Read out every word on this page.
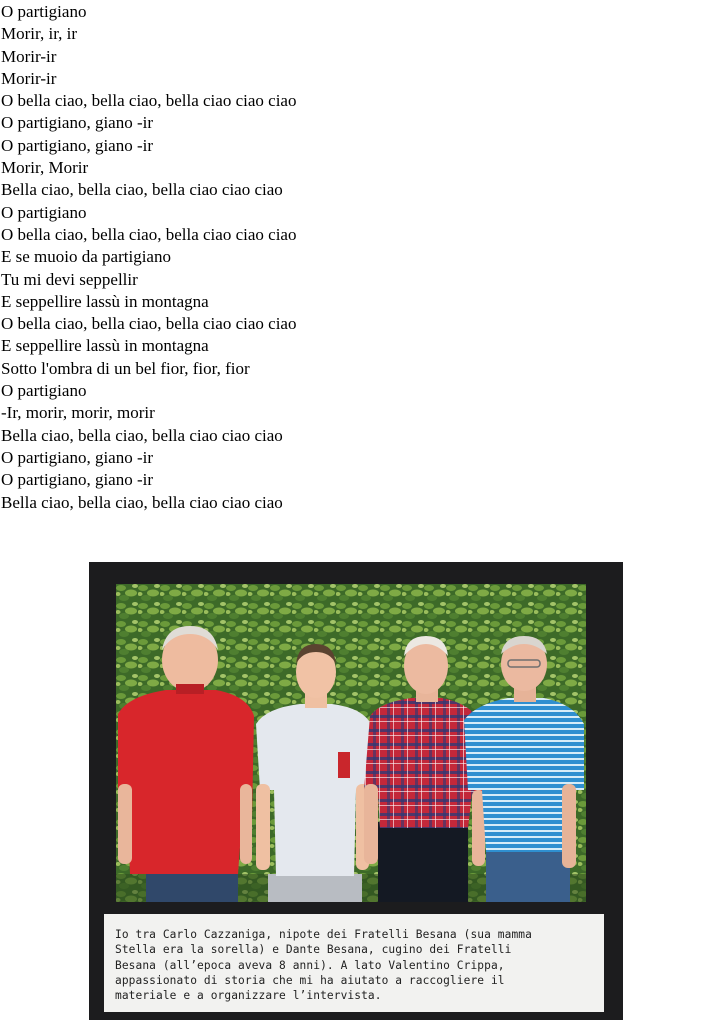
O partigiano
Morir, ir, ir
Morir-ir
Morir-ir
O bella ciao, bella ciao, bella ciao ciao ciao
O partigiano, giano -ir
O partigiano, giano -ir
Morir, Morir
Bella ciao, bella ciao, bella ciao ciao ciao
O partigiano
O bella ciao, bella ciao, bella ciao ciao ciao
E se muoio da partigiano
Tu mi devi seppellir
E seppellire lassù in montagna
O bella ciao, bella ciao, bella ciao ciao ciao
E seppellire lassù in montagna
Sotto l'ombra di un bel fior, fior, fior
O partigiano
-Ir, morir, morir, morir
Bella ciao, bella ciao, bella ciao ciao ciao
O partigiano, giano -ir
O partigiano, giano -ir
Bella ciao, bella ciao, bella ciao ciao ciao
Io tra Carlo Cazzaniga, nipote dei Fratelli Besana (sua mamma
Stella era la sorella) e Dante Besana, cugino dei Fratelli
Besana (all’epoca aveva 8 anni). A lato Valentino Crippa,
appassionato di storia che mi ha aiutato a raccogliere il
materiale e a organizzare l’intervista.
